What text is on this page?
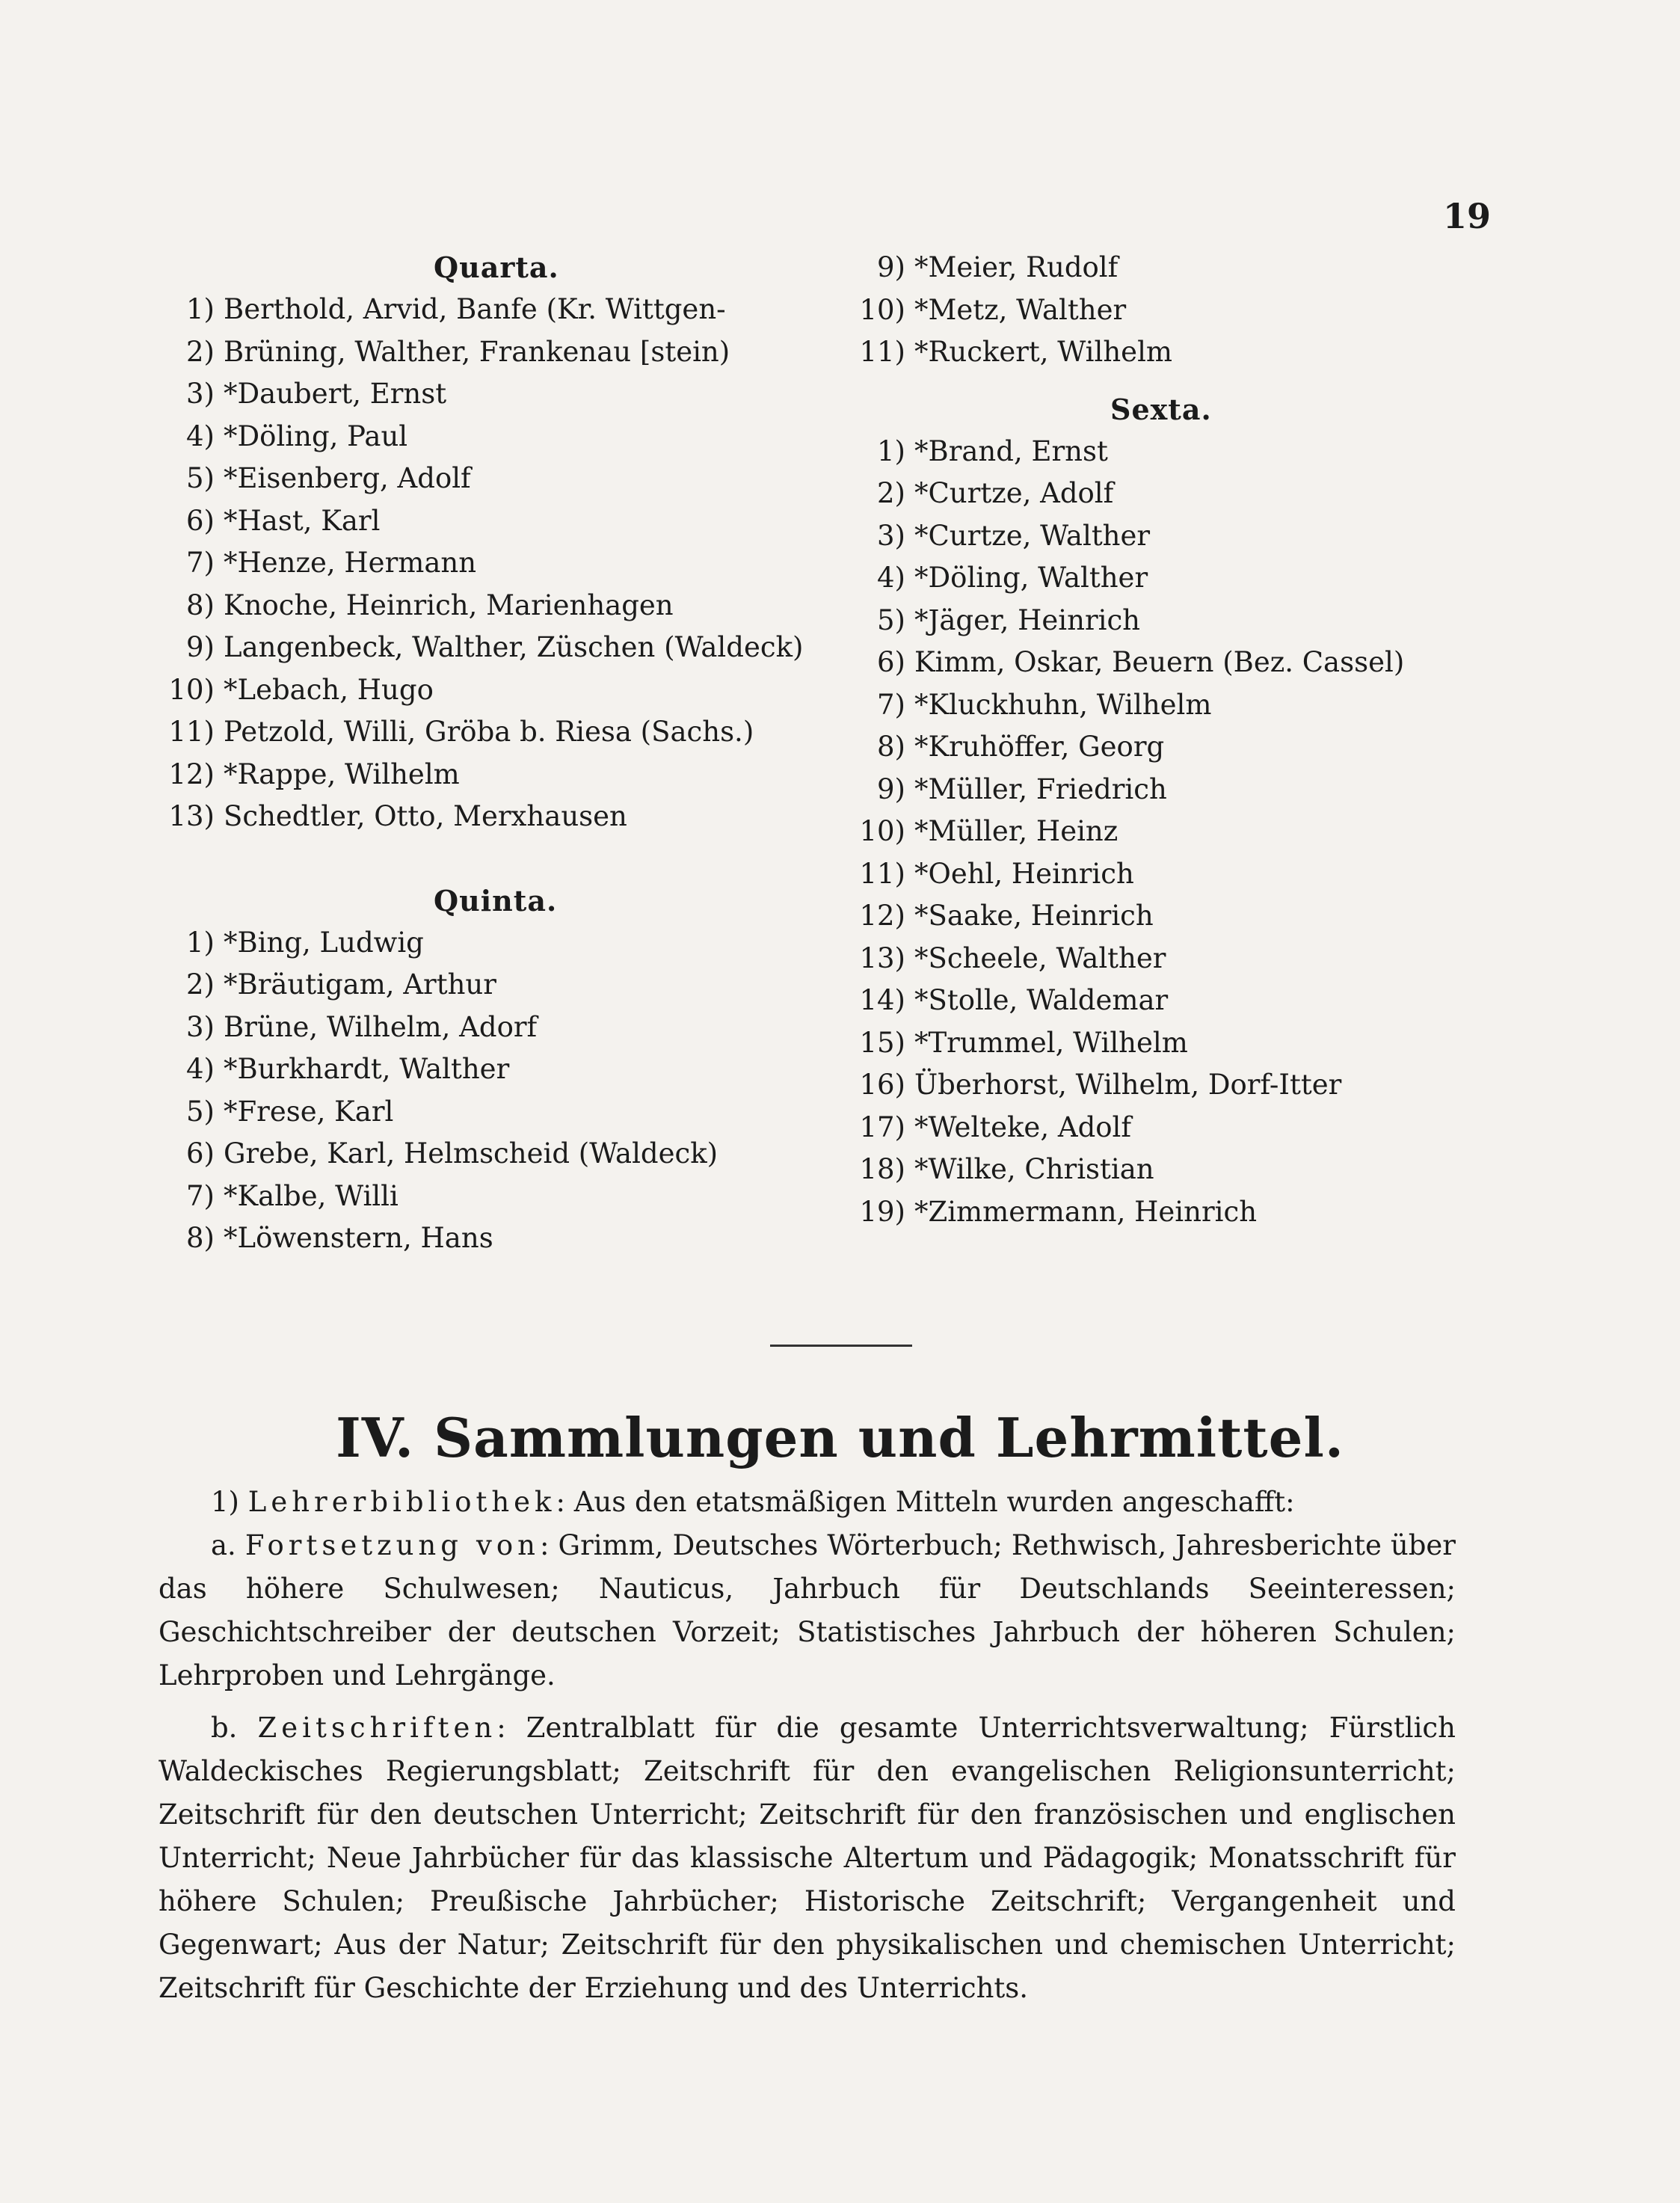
19
Quarta.
1) Berthold, Arvid, Banfe (Kr. Wittgen-
2) Brüning, Walther, Frankenau [stein)
3) *Daubert, Ernst
4) *Döling, Paul
5) *Eisenberg, Adolf
6) *Hast, Karl
7) *Henze, Hermann
8) Knoche, Heinrich, Marienhagen
9) Langenbeck, Walther, Züschen (Waldeck)
10) *Lebach, Hugo
11) Petzold, Willi, Gröba b. Riesa (Sachs.)
12) *Rappe, Wilhelm
13) Schedtler, Otto, Merxhausen
Quinta.
1) *Bing, Ludwig
2) *Bräutigam, Arthur
3) Brüne, Wilhelm, Adorf
4) *Burkhardt, Walther
5) *Frese, Karl
6) Grebe, Karl, Helmscheid (Waldeck)
7) *Kalbe, Willi
8) *Löwenstern, Hans
9) *Meier, Rudolf
10) *Metz, Walther
11) *Ruckert, Wilhelm
Sexta.
1) *Brand, Ernst
2) *Curtze, Adolf
3) *Curtze, Walther
4) *Döling, Walther
5) *Jäger, Heinrich
6) Kimm, Oskar, Beuern (Bez. Cassel)
7) *Kluckhuhn, Wilhelm
8) *Kruhöffer, Georg
9) *Müller, Friedrich
10) *Müller, Heinz
11) *Oehl, Heinrich
12) *Saake, Heinrich
13) *Scheele, Walther
14) *Stolle, Waldemar
15) *Trummel, Wilhelm
16) Überhorst, Wilhelm, Dorf-Itter
17) *Welteke, Adolf
18) *Wilke, Christian
19) *Zimmermann, Heinrich
IV. Sammlungen und Lehrmittel.

1) Lehrerbibliothek: Aus den etatsmäßigen Mitteln wurden angeschafft:

a. Fortsetzung von: Grimm, Deutsches Wörterbuch; Rethwisch, Jahresberichte über das höhere Schulwesen; Nauticus, Jahrbuch für Deutschlands Seeinteressen; Geschichtschreiber der deutschen Vorzeit; Statistisches Jahrbuch der höheren Schulen; Lehrproben und Lehrgänge.

b. Zeitschriften: Zentralblatt für die gesamte Unterrichtsverwaltung; Fürstlich Waldeckisches Regierungsblatt; Zeitschrift für den evangelischen Religionsunterricht; Zeitschrift für den deutschen Unterricht; Zeitschrift für den französischen und englischen Unterricht; Neue Jahrbücher für das klassische Altertum und Pädagogik; Monatsschrift für höhere Schulen; Preußische Jahrbücher; Historische Zeitschrift; Vergangenheit und Gegenwart; Aus der Natur; Zeitschrift für den physikalischen und chemischen Unterricht; Zeitschrift für Geschichte der Erziehung und des Unterrichts.
